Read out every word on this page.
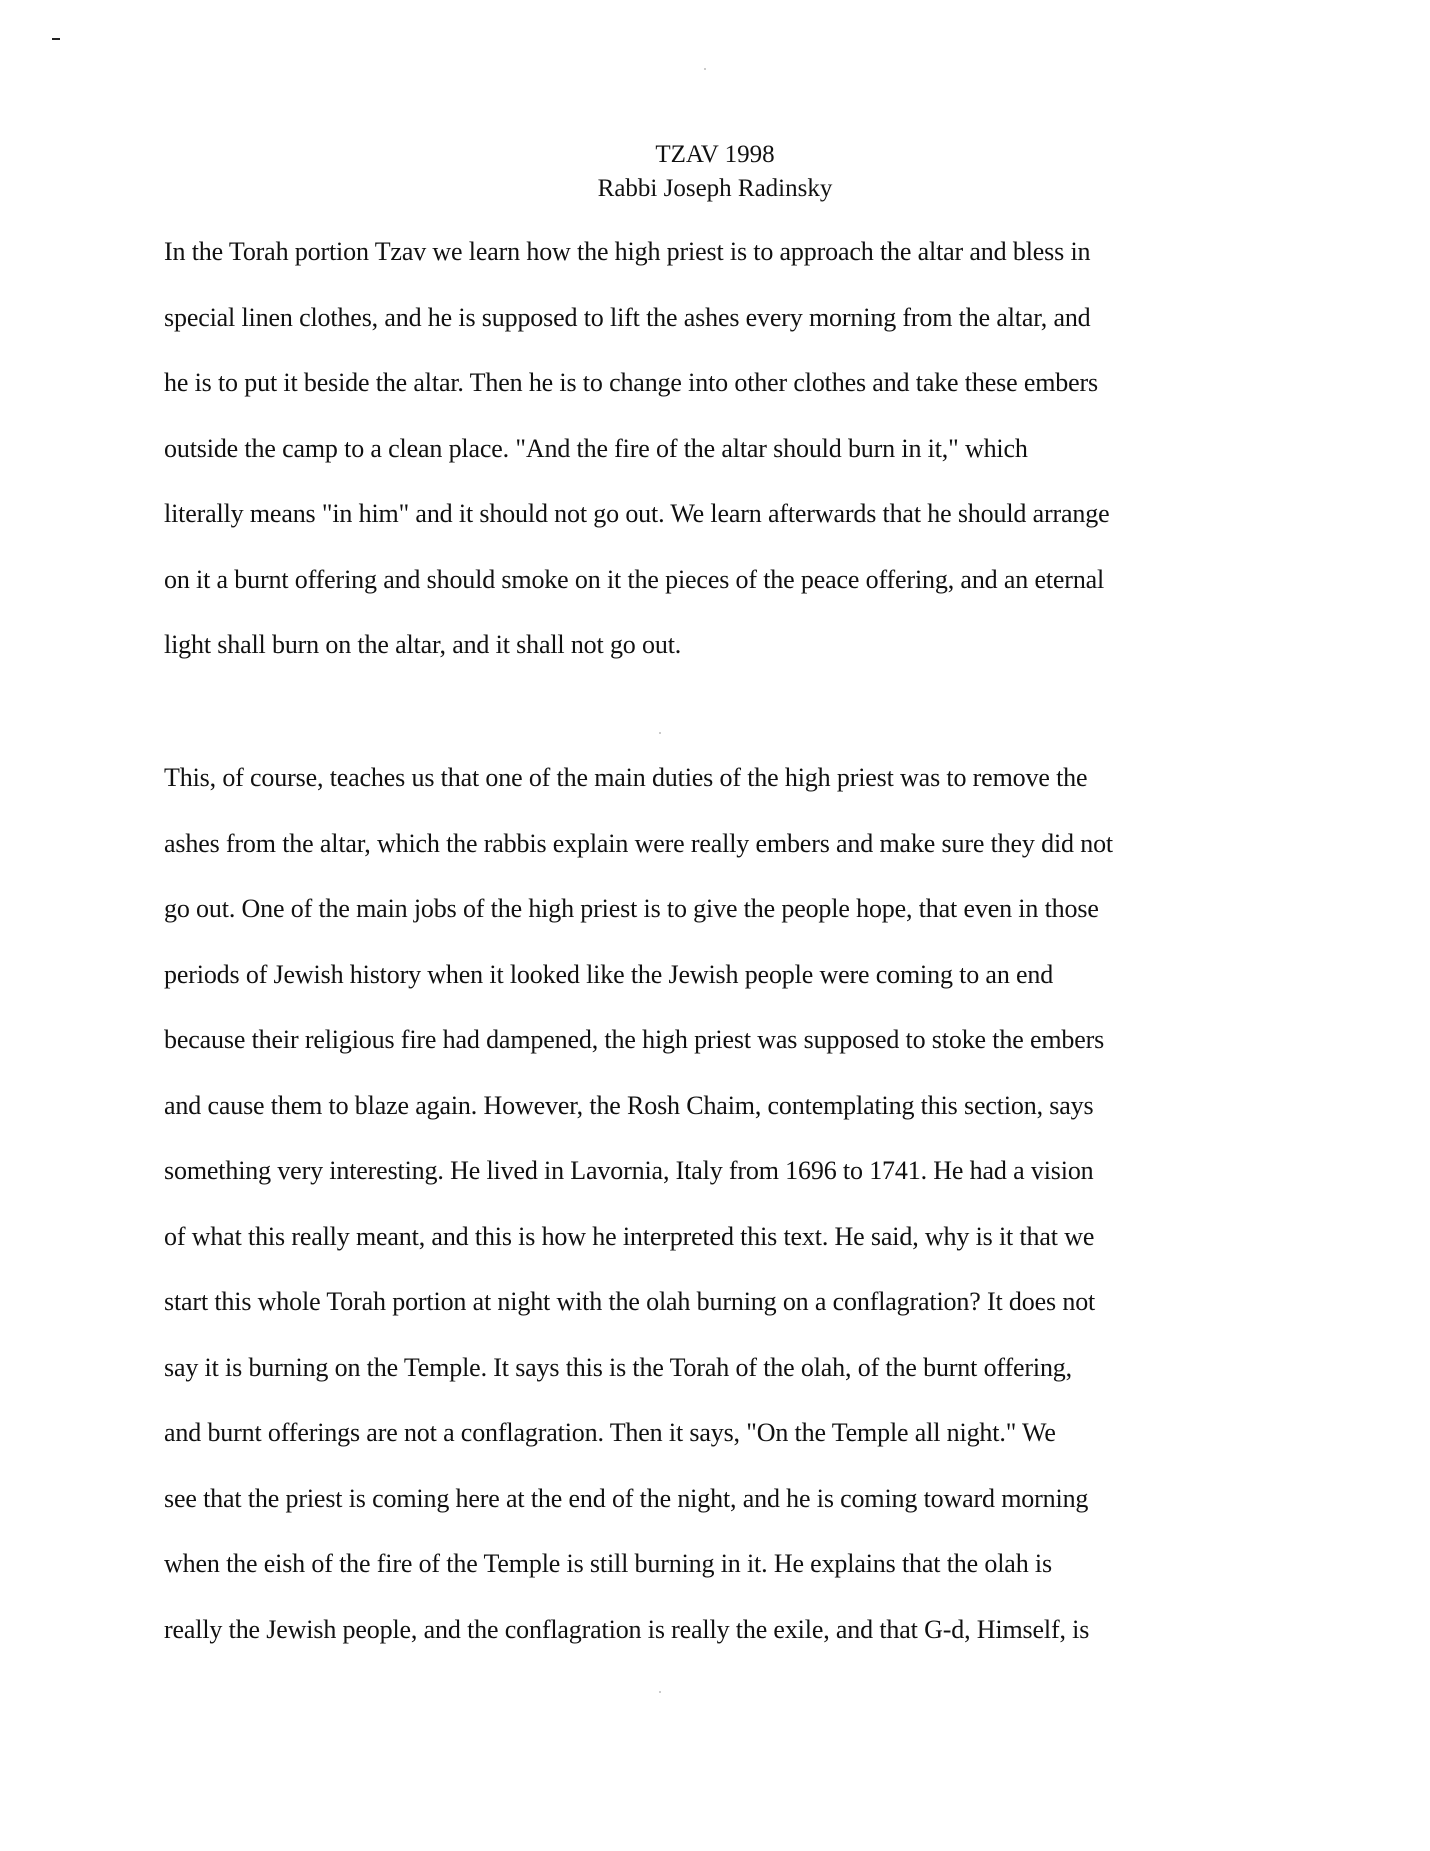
TZAV 1998
Rabbi Joseph Radinsky
In the Torah portion Tzav we learn how the high priest is to approach the altar and bless in
special linen clothes, and he is supposed to lift the ashes every morning from the altar, and
he is to put it beside the altar. Then he is to change into other clothes and take these embers
outside the camp to a clean place. "And the fire of the altar should burn in it," which
literally means "in him" and it should not go out. We learn afterwards that he should arrange
on it a burnt offering and should smoke on it the pieces of the peace offering, and an eternal
light shall burn on the altar, and it shall not go out.
This, of course, teaches us that one of the main duties of the high priest was to remove the
ashes from the altar, which the rabbis explain were really embers and make sure they did not
go out. One of the main jobs of the high priest is to give the people hope, that even in those
periods of Jewish history when it looked like the Jewish people were coming to an end
because their religious fire had dampened, the high priest was supposed to stoke the embers
and cause them to blaze again. However, the Rosh Chaim, contemplating this section, says
something very interesting. He lived in Lavornia, Italy from 1696 to 1741. He had a vision
of what this really meant, and this is how he interpreted this text. He said, why is it that we
start this whole Torah portion at night with the olah burning on a conflagration? It does not
say it is burning on the Temple. It says this is the Torah of the olah, of the burnt offering,
and burnt offerings are not a conflagration. Then it says, "On the Temple all night." We
see that the priest is coming here at the end of the night, and he is coming toward morning
when the eish of the fire of the Temple is still burning in it. He explains that the olah is
really the Jewish people, and the conflagration is really the exile, and that G-d, Himself, is
